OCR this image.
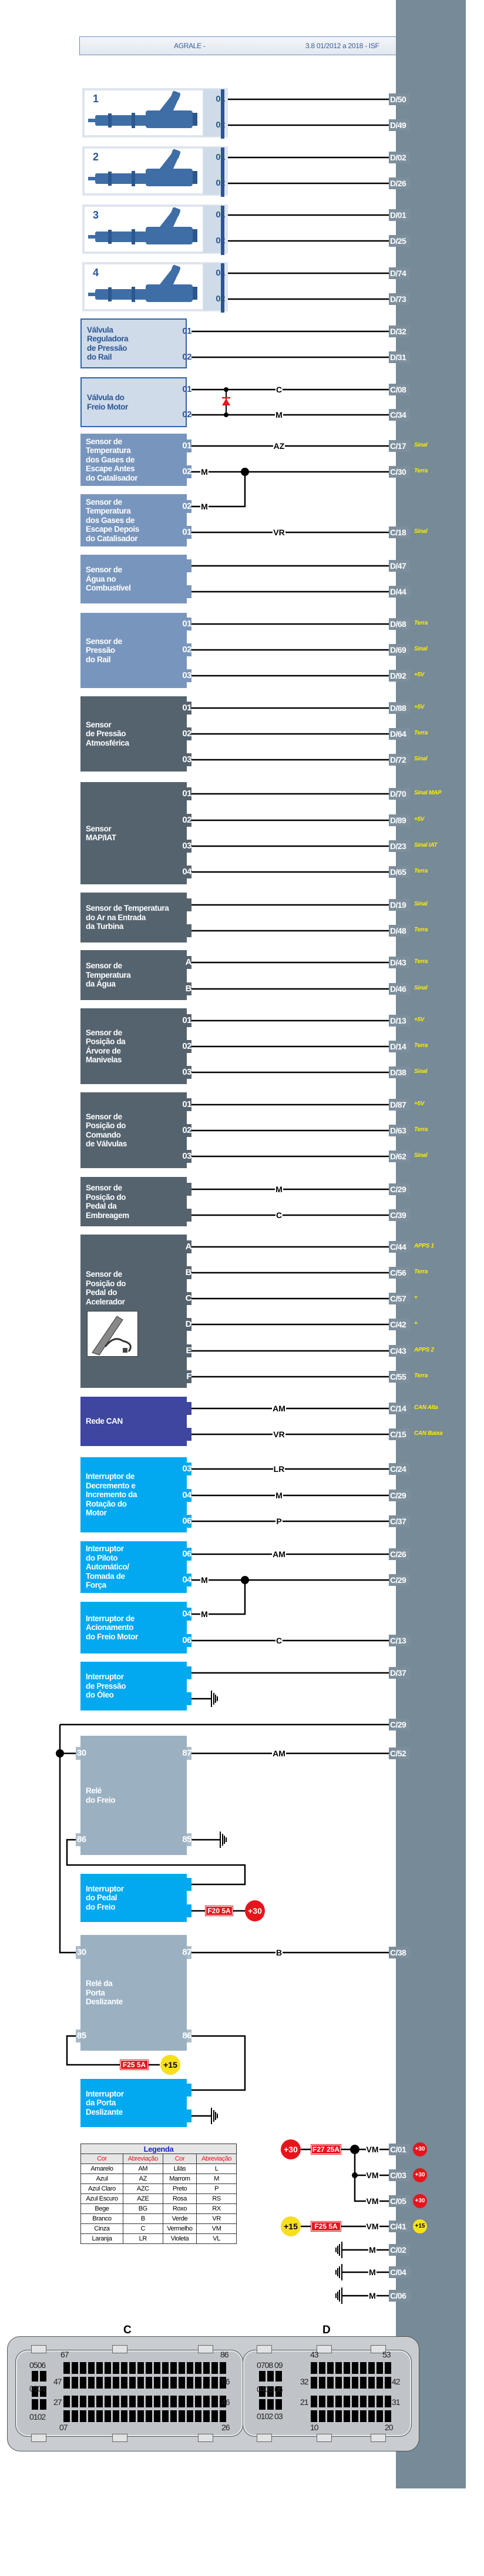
AGRALE -	3.8 01/2012 a 2018 - ISF
1	01	D/50
02	D/49
2	01	D/02
02	D/26
3	01	D/01
02	D/25
4	01	D/74
02	D/73
Válvula
Reguladora
de Pressão
do Rail
01	D/32
02	D/31
Válvula do
Freio Motor
01	C/08
C
02	C/34
M
Sensor de
Temperatura
dos Gases de
Escape Antes
do Catalisador
01	C/17	Sinal
AZ
02	C/30	Terra
M
Sensor de
Temperatura
dos Gases de
Escape Depois
do Catalisador
02	M
01	C/18	Sinal
VR
Sensor de
Água no
Combustível
D/47
D/44
Sensor de
Pressão
do Rail
01	D/68	Terra
02	D/69	Sinal
03	D/92	+5V
Sensor
de Pressão
Atmosférica
01	D/88	+5V
02	D/64	Terra
03	D/72	Sinal
Sensor
MAP/IAT
01	D/70	Sinal MAP
02	D/89	+5V
03	D/23	Sinal IAT
04	D/65	Terra
Sensor de Temperatura
do Ar na Entrada
da Turbina
D/19	Sinal
D/48	Terra
Sensor de
Temperatura
da Água
A	D/43	Terra
B	D/46	Sinal
Sensor de
Posição da
Árvore de
Manivelas
01	D/13	+5V
02	D/14	Terra
03	D/38	Sinal
Sensor de
Posição do
Comando
de Válvulas
01	D/87	+5V
02	D/63	Terra
03	D/62	Sinal
Sensor de
Posição do
Pedal da
Embreagem
C/29
M
C/39
C
Sensor de
Posição do
Pedal do
Acelerador
A	C/44	APPS 1
B	C/56	Terra
C	C/57	+
D	C/42	+
E	C/43	APPS 2
F	C/55	Terra
Rede CAN
C/14	CAN Alta
AM
C/15	CAN Baixa
VR
Interruptor de
Decremento e
Incremento da
Rotação do
Motor
03	C/24
LR
04	C/29
M
06	C/37
P
Interruptor
do Piloto
Automático/
Tomada de
Força
06	C/26
AM
04	C/29
M
Interruptor de
Acionamento
do Freio Motor
04	M
06	C/13
C
Interruptor
de Pressão
do Óleo
D/37
Relé
do Freio
30	87	C/52
AM
86	85
Interruptor
do Pedal
do Freio
Relé da
Porta
Deslizante
30	87	C/38
B
85	86
Interruptor
da Porta
Deslizante
C/29
F20 5A	+30
F25 5A	+15
+30	F27 25A	VM	C/01	+30
VM	C/03	+30
VM	C/05	+30
+15	F25 5A	VM	C/41	+15
M	C/02
M	C/04
M	C/06
Legenda			
Cor	Abreviação	Cor	Abreviação
Amarelo	AM	Lilás	L
Azul	AZ	Marrom	M
Azul Claro	AZC	Preto	P
Azul Escuro	AZE	Rosa	RS
Bege	BG	Roxo	RX
Branco	B	Verde	VR
Cinza	C	Vermelho	VM
Laranja	LR	Violeta	VL
C	D
0506
0304
0102
67	86
47	66
27	46
07	26
0708 09
0405 06
0102 03
43	53
32	42
21	31
10	20
